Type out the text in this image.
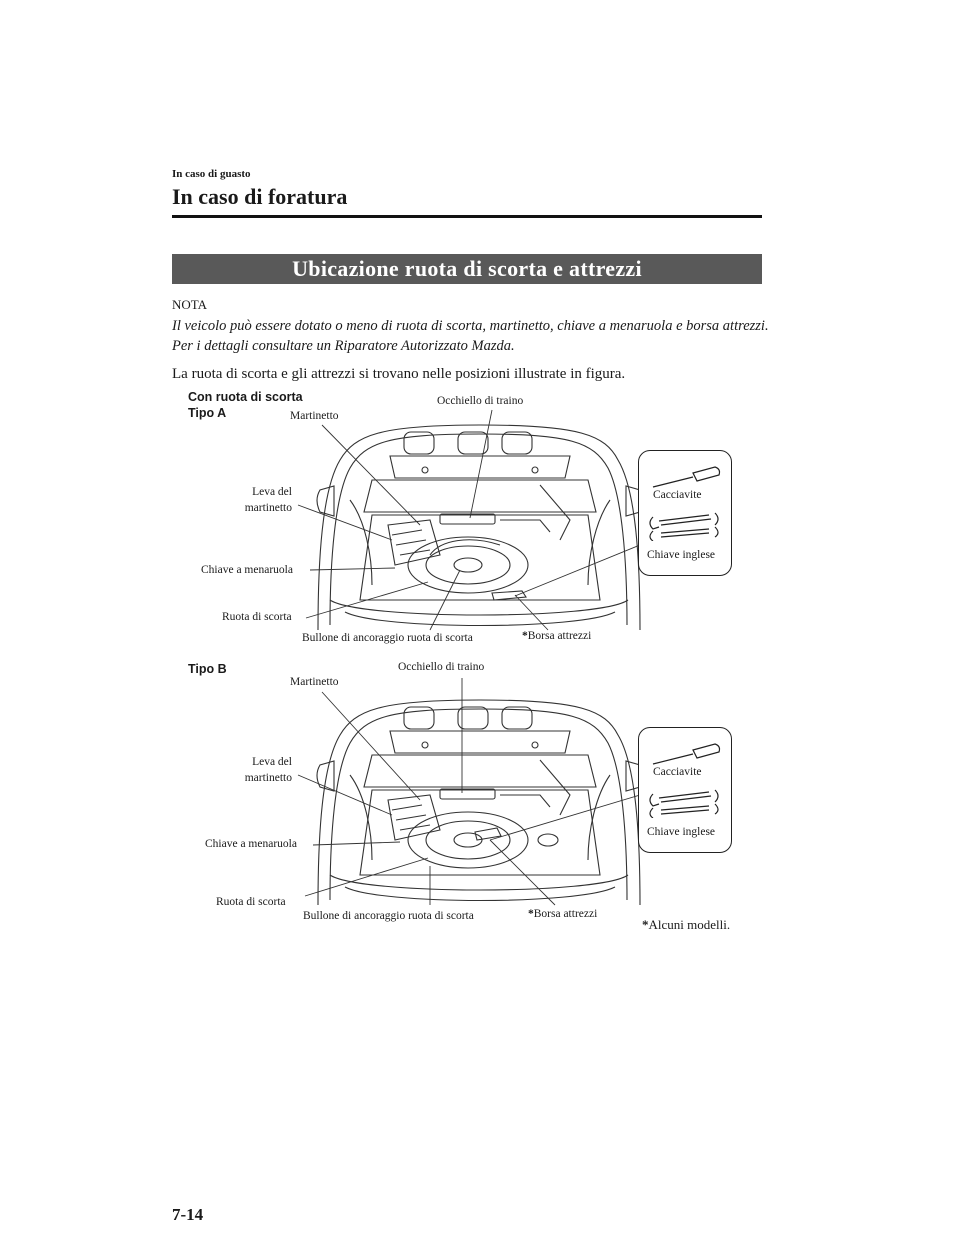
In caso di guasto
In caso di foratura
Ubicazione ruota di scorta e attrezzi
NOTA
Il veicolo può essere dotato o meno di ruota di scorta, martinetto, chiave a menaruola e borsa attrezzi. Per i dettagli consultare un Riparatore Autorizzato Mazda.
La ruota di scorta e gli attrezzi si trovano nelle posizioni illustrate in figura.
Con ruota di scorta
Tipo A	Martinetto
Occhiello di traino
Leva del
martinetto
Chiave a menaruola
Ruota di scorta
Bullone di ancoraggio ruota di scorta	*Borsa attrezzi
Cacciavite
Chiave inglese
Tipo B
Martinetto
Occhiello di traino
Leva del
martinetto
Chiave a menaruola
Ruota di scorta
Bullone di ancoraggio ruota di scorta	*Borsa attrezzi
Cacciavite
Chiave inglese
*Alcuni modelli.
7-14
